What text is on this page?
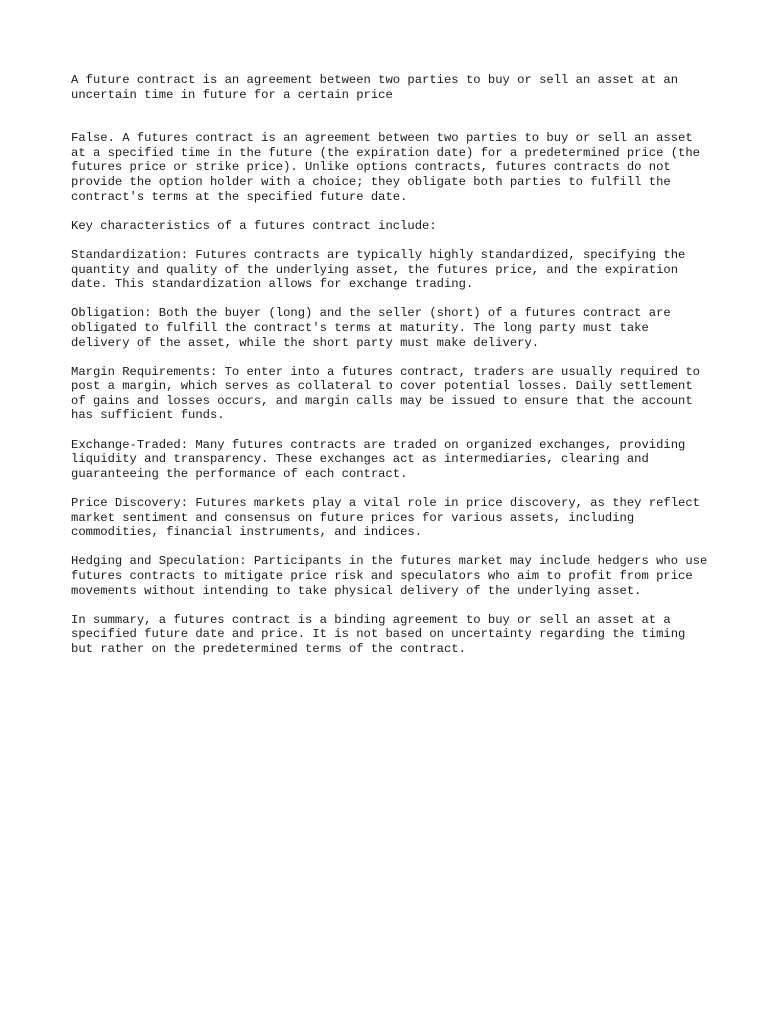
A future contract is an agreement between two parties to buy or sell an asset at an uncertain time in future for a certain price

False. A futures contract is an agreement between two parties to buy or sell an asset at a specified time in the future (the expiration date) for a predetermined price (the futures price or strike price). Unlike options contracts, futures contracts do not provide the option holder with a choice; they obligate both parties to fulfill the contract's terms at the specified future date.

Key characteristics of a futures contract include:

Standardization: Futures contracts are typically highly standardized, specifying the quantity and quality of the underlying asset, the futures price, and the expiration date. This standardization allows for exchange trading.

Obligation: Both the buyer (long) and the seller (short) of a futures contract are obligated to fulfill the contract's terms at maturity. The long party must take delivery of the asset, while the short party must make delivery.

Margin Requirements: To enter into a futures contract, traders are usually required to post a margin, which serves as collateral to cover potential losses. Daily settlement of gains and losses occurs, and margin calls may be issued to ensure that the account has sufficient funds.

Exchange-Traded: Many futures contracts are traded on organized exchanges, providing liquidity and transparency. These exchanges act as intermediaries, clearing and guaranteeing the performance of each contract.

Price Discovery: Futures markets play a vital role in price discovery, as they reflect market sentiment and consensus on future prices for various assets, including commodities, financial instruments, and indices.

Hedging and Speculation: Participants in the futures market may include hedgers who use futures contracts to mitigate price risk and speculators who aim to profit from price movements without intending to take physical delivery of the underlying asset.

In summary, a futures contract is a binding agreement to buy or sell an asset at a specified future date and price. It is not based on uncertainty regarding the timing but rather on the predetermined terms of the contract.
